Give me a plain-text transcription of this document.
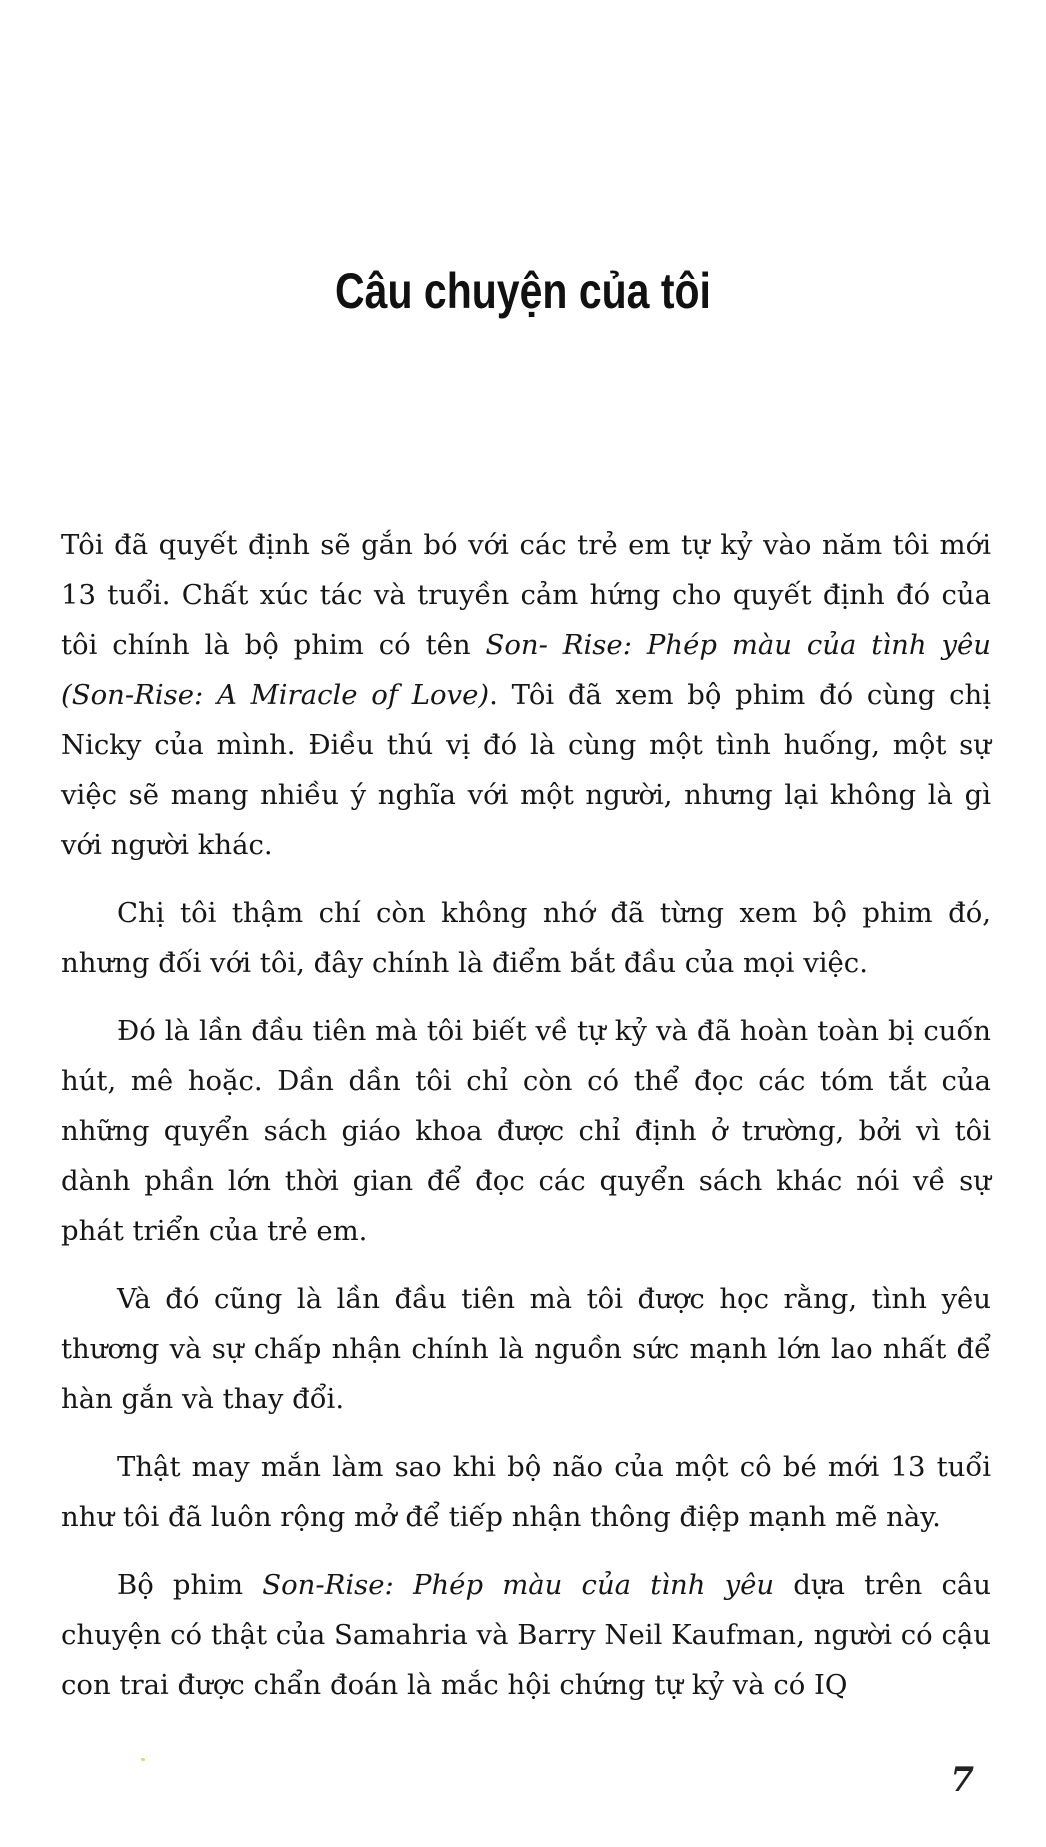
Câu chuyện của tôi

Tôi đã quyết định sẽ gắn bó với các trẻ em tự kỷ vào năm tôi mới 13 tuổi. Chất xúc tác và truyền cảm hứng cho quyết định đó của tôi chính là bộ phim có tên Son- Rise: Phép màu của tình yêu (Son-Rise: A Miracle of Love). Tôi đã xem bộ phim đó cùng chị Nicky của mình. Điều thú vị đó là cùng một tình huống, một sự việc sẽ mang nhiều ý nghĩa với một người, nhưng lại không là gì với người khác.

Chị tôi thậm chí còn không nhớ đã từng xem bộ phim đó, nhưng đối với tôi, đây chính là điểm bắt đầu của mọi việc.

Đó là lần đầu tiên mà tôi biết về tự kỷ và đã hoàn toàn bị cuốn hút, mê hoặc. Dần dần tôi chỉ còn có thể đọc các tóm tắt của những quyển sách giáo khoa được chỉ định ở trường, bởi vì tôi dành phần lớn thời gian để đọc các quyển sách khác nói về sự phát triển của trẻ em.

Và đó cũng là lần đầu tiên mà tôi được học rằng, tình yêu thương và sự chấp nhận chính là nguồn sức mạnh lớn lao nhất để hàn gắn và thay đổi.

Thật may mắn làm sao khi bộ não của một cô bé mới 13 tuổi như tôi đã luôn rộng mở để tiếp nhận thông điệp mạnh mẽ này.

Bộ phim Son-Rise: Phép màu của tình yêu dựa trên câu chuyện có thật của Samahria và Barry Neil Kaufman, người có cậu con trai được chẩn đoán là mắc hội chứng tự kỷ và có IQ

7
